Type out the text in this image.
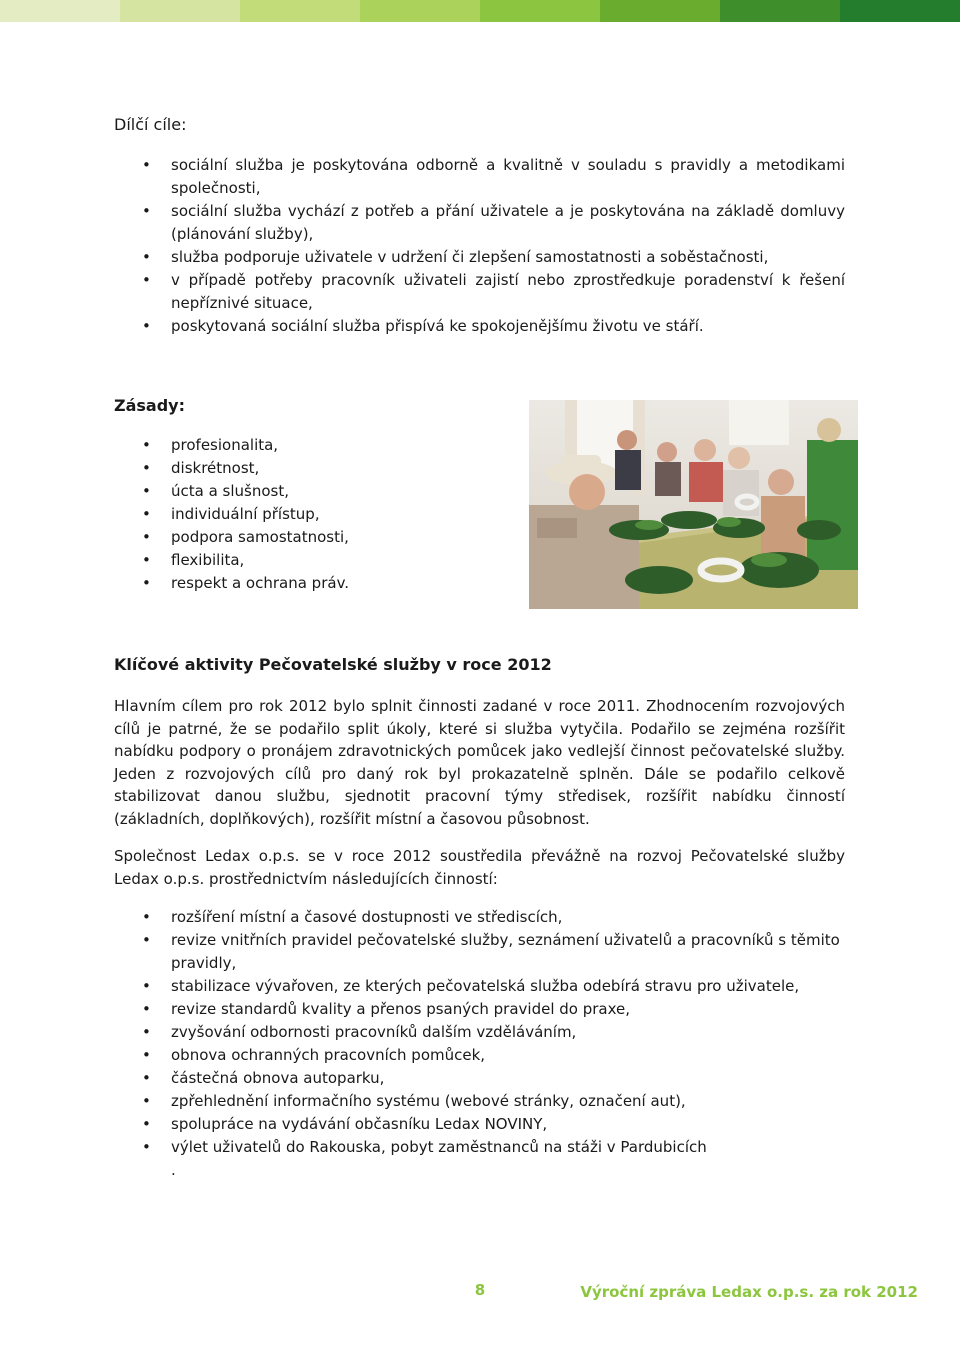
Dílčí cíle:
• sociální služba je poskytována odborně a kvalitně v souladu s pravidly a metodikami společnosti,
• sociální služba vychází z potřeb a přání uživatele a je poskytována na základě domluvy (plánování služby),
• služba podporuje uživatele v udržení či zlepšení samostatnosti a soběstačnosti,
• v případě potřeby pracovník uživateli zajistí nebo zprostředkuje poradenství k řešení nepříznivé situace,
• poskytovaná sociální služba přispívá ke spokojenějšímu životu ve stáří.
Zásady:
• profesionalita,
• diskrétnost,
• úcta a slušnost,
• individuální přístup,
• podpora samostatnosti,
• flexibilita,
• respekt a ochrana práv.
Klíčové aktivity Pečovatelské služby v roce 2012

Hlavním cílem pro rok 2012 bylo splnit činnosti zadané v roce 2011. Zhodnocením rozvojových cílů je patrné, že se podařilo split úkoly, které si služba vytyčila. Podařilo se zejména rozšířit nabídku podpory o pronájem zdravotnických pomůcek jako vedlejší činnost pečovatelské služby. Jeden z rozvojových cílů pro daný rok byl prokazatelně splněn. Dále se podařilo celkově stabilizovat danou službu, sjednotit pracovní týmy středisek, rozšířit nabídku činností (základních, doplňkových), rozšířit místní a časovou působnost.

Společnost Ledax o.p.s. se v roce 2012 soustředila převážně na rozvoj Pečovatelské služby Ledax o.p.s. prostřednictvím následujících činností:

• rozšíření místní a časové dostupnosti ve střediscích,
• revize vnitřních pravidel pečovatelské služby, seznámení uživatelů a pracovníků s těmito pravidly,
• stabilizace vývařoven, ze kterých pečovatelská služba odebírá stravu pro uživatele,
• revize standardů kvality a přenos psaných pravidel do praxe,
• zvyšování odbornosti pracovníků dalším vzděláváním,
• obnova ochranných pracovních pomůcek,
• částečná obnova autoparku,
• zpřehlednění informačního systému (webové stránky, označení aut),
• spolupráce na vydávání občasníku Ledax NOVINY,
• výlet uživatelů do Rakouska, pobyt zaměstnanců na stáži v Pardubicích
.
8	Výroční zpráva Ledax o.p.s. za rok 2012
